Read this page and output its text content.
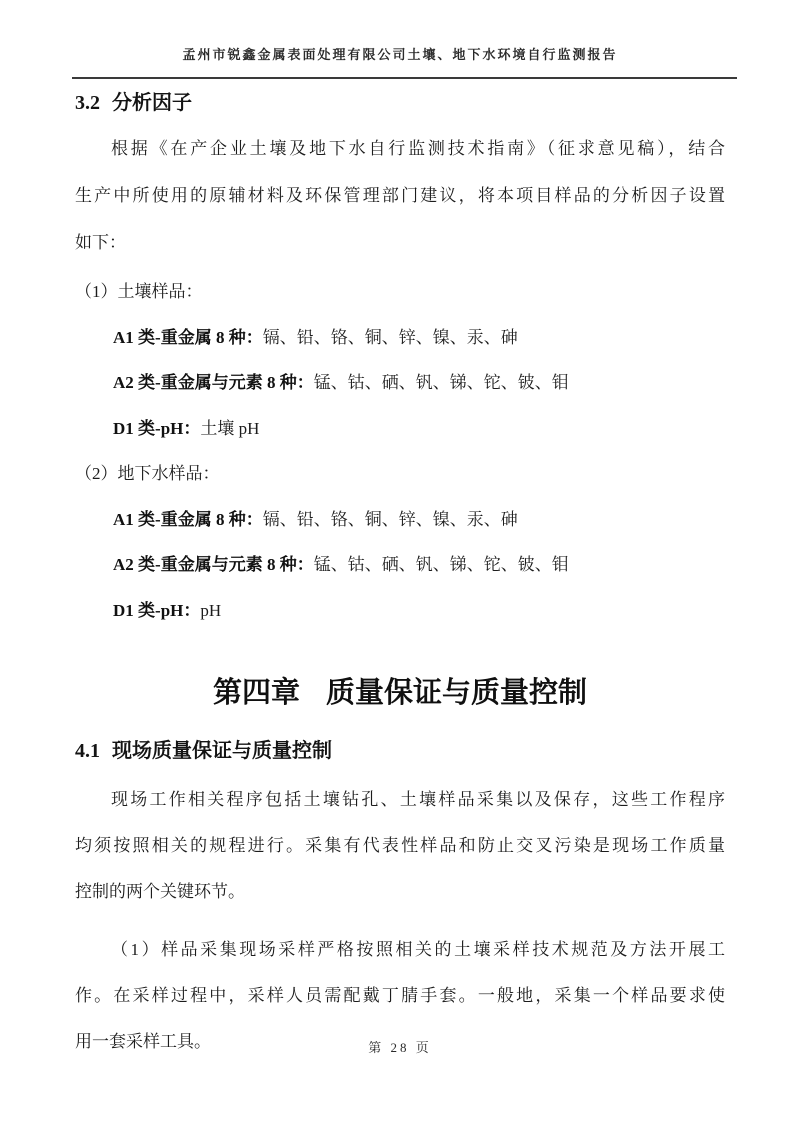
孟州市锐鑫金属表面处理有限公司土壤、地下水环境自行监测报告
3.2 分析因子
根据《在产企业土壤及地下水自行监测技术指南》（征求意见稿），结合
生产中所使用的原辅材料及环保管理部门建议，将本项目样品的分析因子设置
如下：
（1）土壤样品：
A1 类-重金属 8 种：镉、铅、铬、铜、锌、镍、汞、砷
A2 类-重金属与元素 8 种：锰、钴、硒、钒、锑、铊、铍、钼
D1 类-pH：土壤 pH
（2）地下水样品：
A1 类-重金属 8 种：镉、铅、铬、铜、锌、镍、汞、砷
A2 类-重金属与元素 8 种：锰、钴、硒、钒、锑、铊、铍、钼
D1 类-pH：pH
第四章 质量保证与质量控制
4.1 现场质量保证与质量控制
现场工作相关程序包括土壤钻孔、土壤样品采集以及保存，这些工作程序
均须按照相关的规程进行。采集有代表性样品和防止交叉污染是现场工作质量
控制的两个关键环节。
（1）样品采集现场采样严格按照相关的土壤采样技术规范及方法开展工
作。在采样过程中，采样人员需配戴丁腈手套。一般地，采集一个样品要求使
用一套采样工具。	第 28 页
